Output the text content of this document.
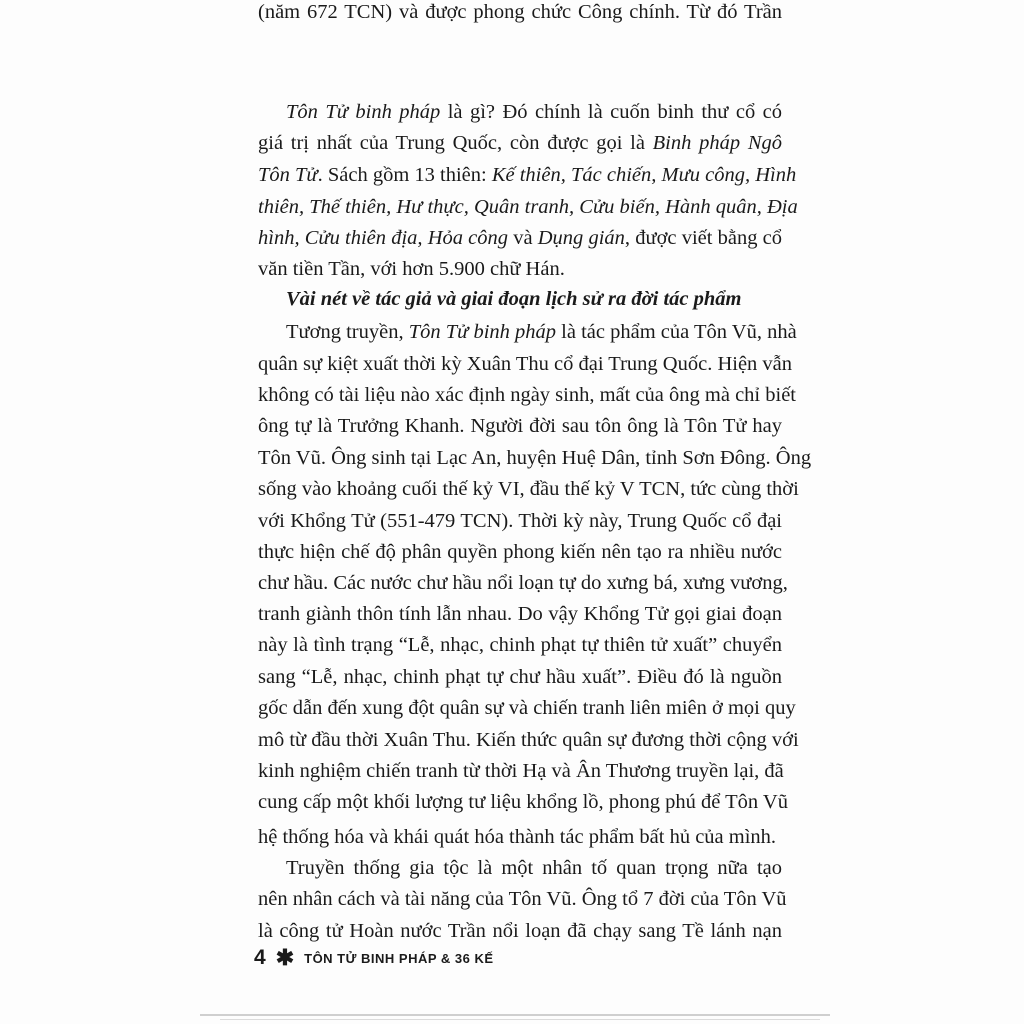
Tôn Tử binh pháp là gì? Đó chính là cuốn binh thư cổ có
giá trị nhất của Trung Quốc, còn được gọi là Binh pháp Ngô
Tôn Tử. Sách gồm 13 thiên: Kế thiên, Tác chiến, Mưu công, Hình
thiên, Thế thiên, Hư thực, Quân tranh, Cửu biến, Hành quân, Địa
hình, Cửu thiên địa, Hỏa công và Dụng gián, được viết bằng cổ
văn tiền Tần, với hơn 5.900 chữ Hán.
Vài nét về tác giả và giai đoạn lịch sử ra đời tác phẩm
Tương truyền, Tôn Tử binh pháp là tác phẩm của Tôn Vũ, nhà
quân sự kiệt xuất thời kỳ Xuân Thu cổ đại Trung Quốc. Hiện vẫn
không có tài liệu nào xác định ngày sinh, mất của ông mà chỉ biết
ông tự là Trưởng Khanh. Người đời sau tôn ông là Tôn Tử hay
Tôn Vũ. Ông sinh tại Lạc An, huyện Huệ Dân, tỉnh Sơn Đông. Ông
sống vào khoảng cuối thế kỷ VI, đầu thế kỷ V TCN, tức cùng thời
với Khổng Tử (551-479 TCN). Thời kỳ này, Trung Quốc cổ đại
thực hiện chế độ phân quyền phong kiến nên tạo ra nhiều nước
chư hầu. Các nước chư hầu nổi loạn tự do xưng bá, xưng vương,
tranh giành thôn tính lẫn nhau. Do vậy Khổng Tử gọi giai đoạn
này là tình trạng “Lễ, nhạc, chinh phạt tự thiên tử xuất” chuyển
sang “Lễ, nhạc, chinh phạt tự chư hầu xuất”. Điều đó là nguồn
gốc dẫn đến xung đột quân sự và chiến tranh liên miên ở mọi quy
mô từ đầu thời Xuân Thu. Kiến thức quân sự đương thời cộng với
kinh nghiệm chiến tranh từ thời Hạ và Ân Thương truyền lại, đã
cung cấp một khối lượng tư liệu khổng lồ, phong phú để Tôn Vũ
hệ thống hóa và khái quát hóa thành tác phẩm bất hủ của mình.
Truyền thống gia tộc là một nhân tố quan trọng nữa tạo
nên nhân cách và tài năng của Tôn Vũ. Ông tổ 7 đời của Tôn Vũ
là công tử Hoàn nước Trần nổi loạn đã chạy sang Tề lánh nạn
(năm 672 TCN) và được phong chức Công chính. Từ đó Trần
4 ✱ TÔN TỬ BINH PHÁP & 36 KẾ
